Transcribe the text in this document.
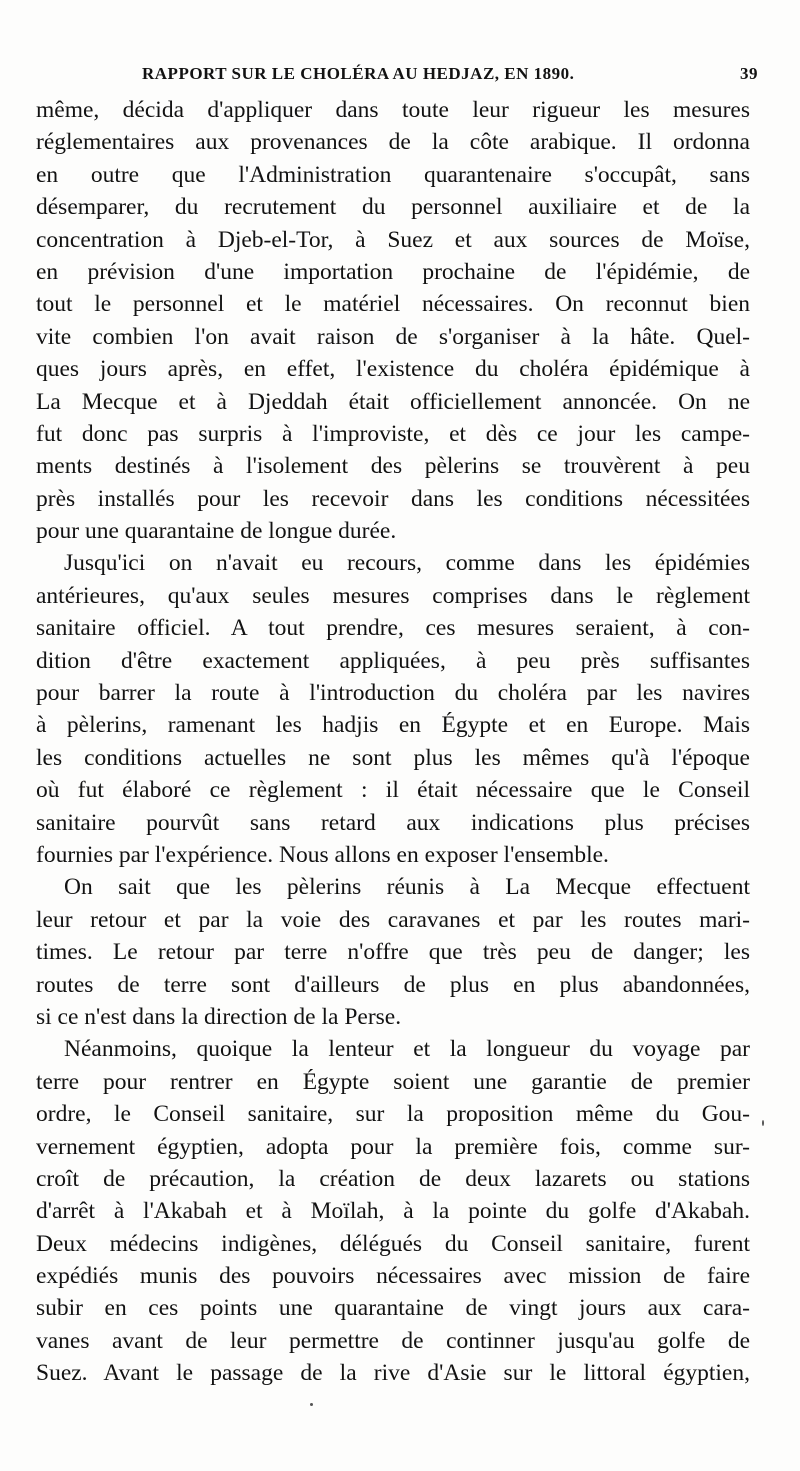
RAPPORT SUR LE CHOLÉRA AU HEDJAZ, EN 1890.	39
même, décida d'appliquer dans toute leur rigueur les mesures
réglementaires aux provenances de la côte arabique. Il ordonna
en outre que l'Administration quarantenaire s'occupât, sans
désemparer, du recrutement du personnel auxiliaire et de la
concentration à Djeb-el-Tor, à Suez et aux sources de Moïse,
en prévision d'une importation prochaine de l'épidémie, de
tout le personnel et le matériel nécessaires. On reconnut bien
vite combien l'on avait raison de s'organiser à la hâte. Quel-
ques jours après, en effet, l'existence du choléra épidémique à
La Mecque et à Djeddah était officiellement annoncée. On ne
fut donc pas surpris à l'improviste, et dès ce jour les campe-
ments destinés à l'isolement des pèlerins se trouvèrent à peu
près installés pour les recevoir dans les conditions nécessitées
pour une quarantaine de longue durée.
Jusqu'ici on n'avait eu recours, comme dans les épidémies
antérieures, qu'aux seules mesures comprises dans le règlement
sanitaire officiel. A tout prendre, ces mesures seraient, à con-
dition d'être exactement appliquées, à peu près suffisantes
pour barrer la route à l'introduction du choléra par les navires
à pèlerins, ramenant les hadjis en Égypte et en Europe. Mais
les conditions actuelles ne sont plus les mêmes qu'à l'époque
où fut élaboré ce règlement : il était nécessaire que le Conseil
sanitaire pourvût sans retard aux indications plus précises
fournies par l'expérience. Nous allons en exposer l'ensemble.
On sait que les pèlerins réunis à La Mecque effectuent
leur retour et par la voie des caravanes et par les routes mari-
times. Le retour par terre n'offre que très peu de danger; les
routes de terre sont d'ailleurs de plus en plus abandonnées,
si ce n'est dans la direction de la Perse.
Néanmoins, quoique la lenteur et la longueur du voyage par
terre pour rentrer en Égypte soient une garantie de premier
ordre, le Conseil sanitaire, sur la proposition même du Gou-
vernement égyptien, adopta pour la première fois, comme sur-
croît de précaution, la création de deux lazarets ou stations
d'arrêt à l'Akabah et à Moïlah, à la pointe du golfe d'Akabah.
Deux médecins indigènes, délégués du Conseil sanitaire, furent
expédiés munis des pouvoirs nécessaires avec mission de faire
subir en ces points une quarantaine de vingt jours aux cara-
vanes avant de leur permettre de continner jusqu'au golfe de
Suez. Avant le passage de la rive d'Asie sur le littoral égyptien,
